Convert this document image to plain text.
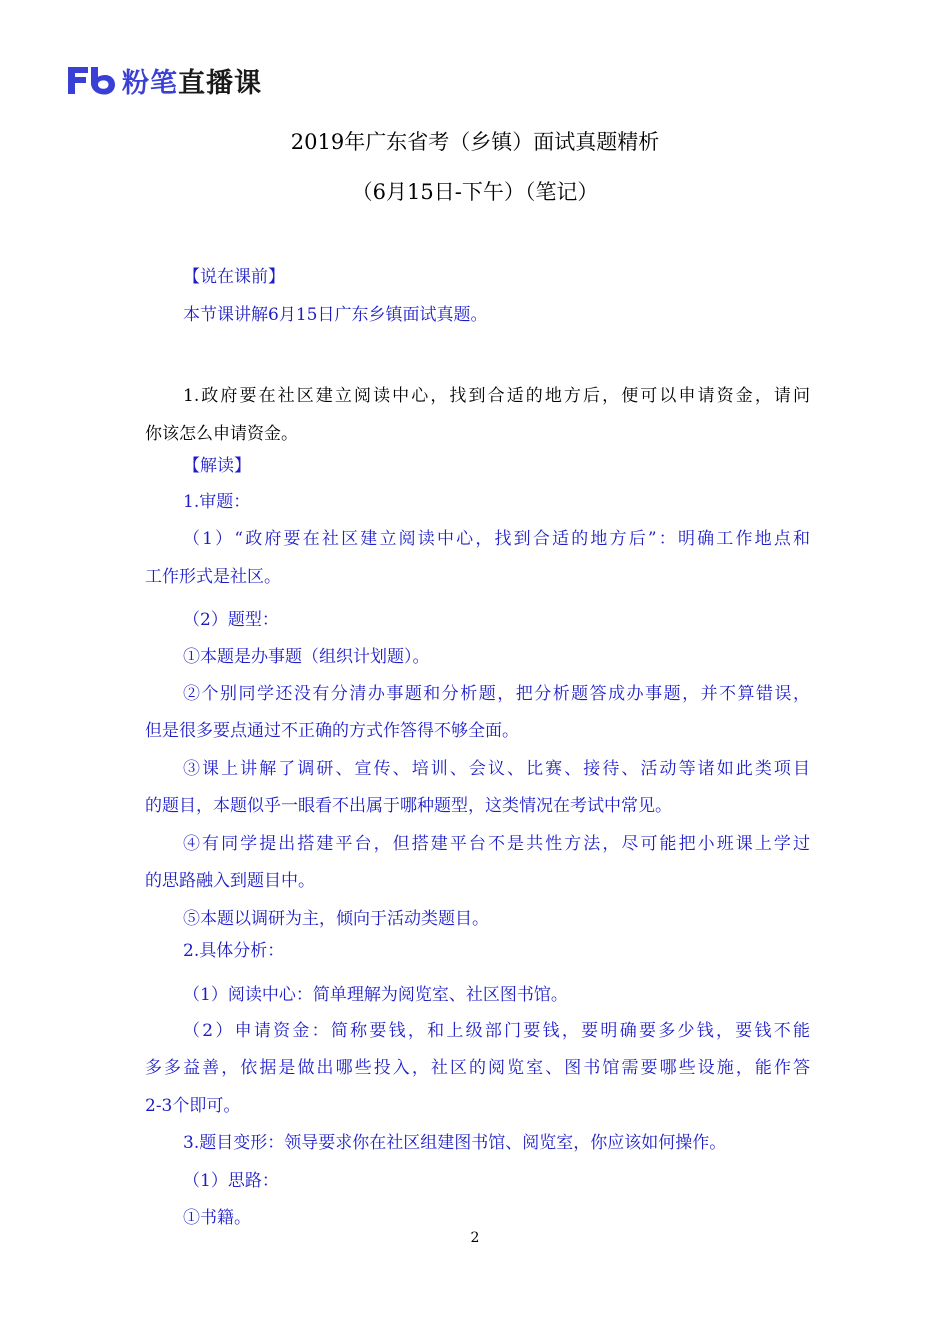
粉笔直播课
2019年广东省考（乡镇）面试真题精析
（6月15日-下午）（笔记）
【说在课前】
本节课讲解6月15日广东乡镇面试真题。
1.政府要在社区建立阅读中心，找到合适的地方后，便可以申请资金，请问
你该怎么申请资金。
【解读】
1.审题：
（1）“政府要在社区建立阅读中心，找到合适的地方后”：明确工作地点和
工作形式是社区。
（2）题型：
①本题是办事题（组织计划题）。
②个别同学还没有分清办事题和分析题，把分析题答成办事题，并不算错误，
但是很多要点通过不正确的方式作答得不够全面。
③课上讲解了调研、宣传、培训、会议、比赛、接待、活动等诸如此类项目
的题目，本题似乎一眼看不出属于哪种题型，这类情况在考试中常见。
④有同学提出搭建平台，但搭建平台不是共性方法，尽可能把小班课上学过
的思路融入到题目中。
⑤本题以调研为主，倾向于活动类题目。
2.具体分析：
（1）阅读中心：简单理解为阅览室、社区图书馆。
（2）申请资金：简称要钱，和上级部门要钱，要明确要多少钱，要钱不能
多多益善，依据是做出哪些投入，社区的阅览室、图书馆需要哪些设施，能作答
2-3个即可。
3.题目变形：领导要求你在社区组建图书馆、阅览室，你应该如何操作。
（1）思路：
①书籍。
2
